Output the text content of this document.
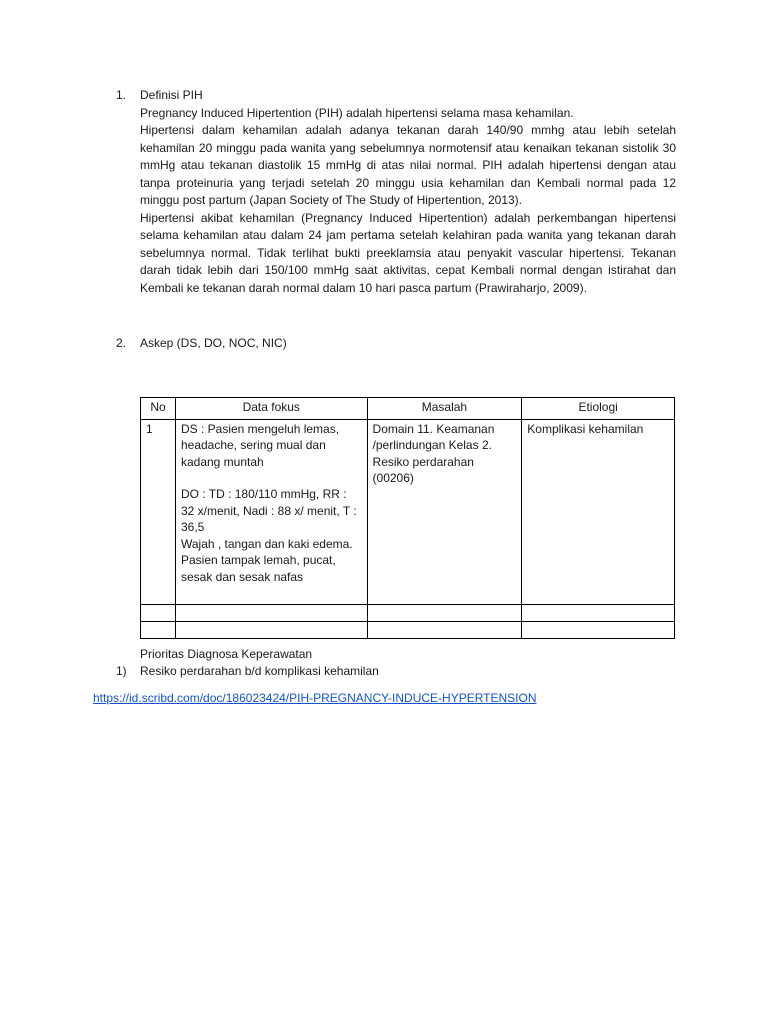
1. Definisi PIH
Pregnancy Induced Hipertention (PIH) adalah hipertensi selama masa kehamilan.
Hipertensi dalam kehamilan adalah adanya tekanan darah 140/90 mmhg atau lebih setelah kehamilan 20 minggu pada wanita yang sebelumnya normotensif atau kenaikan tekanan sistolik 30 mmHg atau tekanan diastolik 15 mmHg di atas nilai normal. PIH adalah hipertensi dengan atau tanpa proteinuria yang terjadi setelah 20 minggu usia kehamilan dan Kembali normal pada 12 minggu post partum (Japan Society of The Study of Hipertention, 2013).
Hipertensi akibat kehamilan (Pregnancy Induced Hipertention) adalah perkembangan hipertensi selama kehamilan atau dalam 24 jam pertama setelah kelahiran pada wanita yang tekanan darah sebelumnya normal. Tidak terlihat bukti preeklamsia atau penyakit vascular hipertensi. Tekanan darah tidak lebih dari 150/100 mmHg saat aktivitas, cepat Kembali normal dengan istirahat dan Kembali ke tekanan darah normal dalam 10 hari pasca partum (Prawiraharjo, 2009).
2. Askep (DS, DO, NOC, NIC)
No	Data fokus	Masalah	Etiologi
1	DS : Pasien mengeluh lemas, headache, sering mual dan kadang muntah
DO : TD : 180/110 mmHg, RR : 32 x/menit, Nadi : 88 x/ menit, T : 36,5
Wajah , tangan dan kaki edema. Pasien tampak lemah, pucat, sesak dan sesak nafas	Domain 11. Keamanan /perlindungan Kelas 2. Resiko perdarahan (00206)	Komplikasi kehamilan

Prioritas Diagnosa Keperawatan
1) Resiko perdarahan b/d komplikasi kehamilan
https://id.scribd.com/doc/186023424/PIH-PREGNANCY-INDUCE-HYPERTENSION
